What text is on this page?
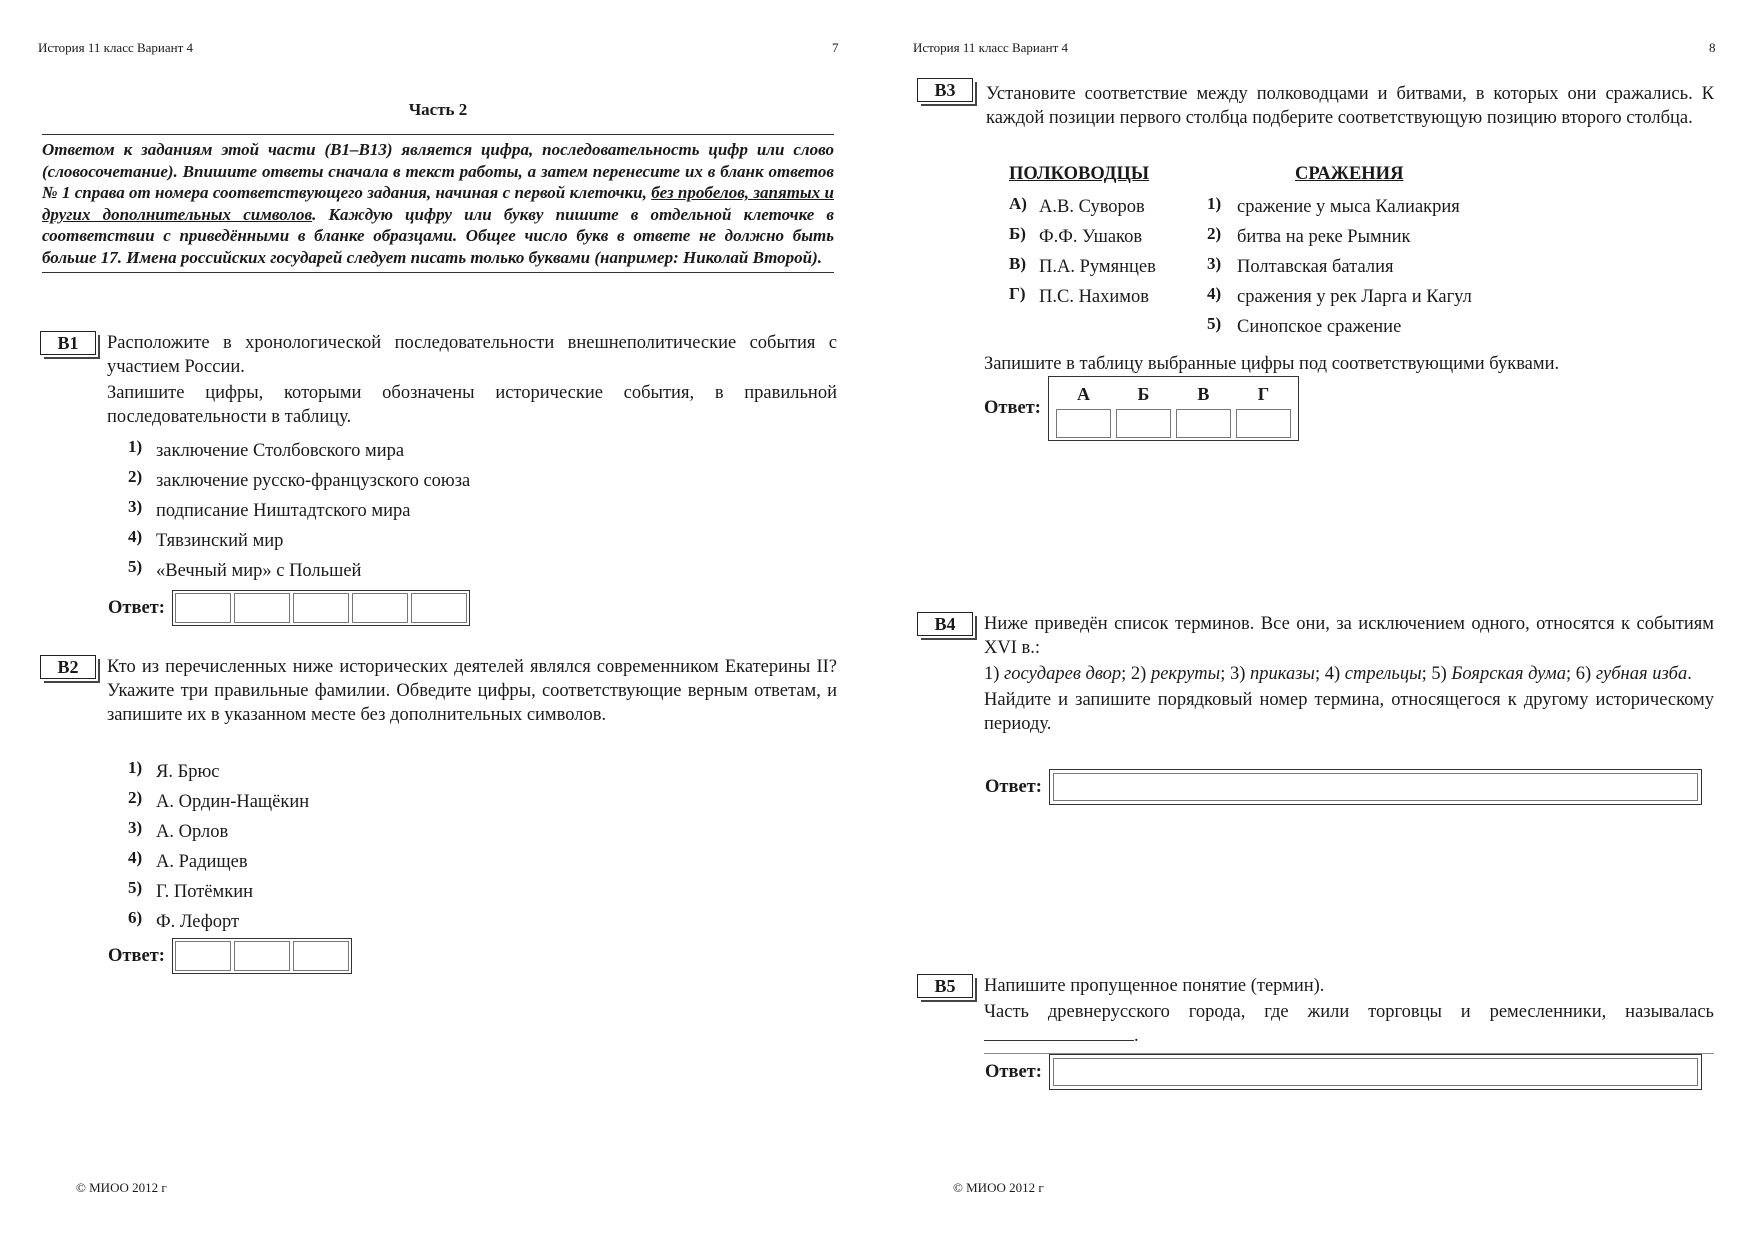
История 11 класс Вариант 4	7
Часть 2
Ответом к заданиям этой части (В1–В13) является цифра, последовательность цифр или слово (словосочетание). Впишите ответы сначала в текст работы, а затем перенесите их в бланк ответов № 1 справа от номера соответствующего задания, начиная с первой клеточки, без пробелов, запятых и других дополнительных символов. Каждую цифру или букву пишите в отдельной клеточке в соответствии с приведёнными в бланке образцами. Общее число букв в ответе не должно быть больше 17. Имена российских государей следует писать только буквами (например: Николай Второй).
В1	Расположите в хронологической последовательности внешнеполитические события с участием России.

Запишите цифры, которыми обозначены исторические события, в правильной последовательности в таблицу.

1) заключение Столбовского мира
2) заключение русско-французского союза
3) подписание Ништадтского мира
4) Тявзинский мир
5) «Вечный мир» с Польшей
Ответ:
В2	Кто из перечисленных ниже исторических деятелей являлся современником Екатерины II? Укажите три правильные фамилии. Обведите цифры, соответствующие верным ответам, и запишите их в указанном месте без дополнительных символов.
1) Я. Брюс
2) А. Ордин-Нащёкин
3) А. Орлов
4) А. Радищев
5) Г. Потёмкин
6) Ф. Лефорт
Ответ:
© МИОО 2012 г
История 11 класс Вариант 4	8
В3	Установите соответствие между полководцами и битвами, в которых они сражались. К каждой позиции первого столбца подберите соответствующую позицию второго столбца.
ПОЛКОВОДЦЫ	СРАЖЕНИЯ
А) А.В. Суворов
Б) Ф.Ф. Ушаков
В) П.А. Румянцев
Г) П.С. Нахимов
1) сражение у мыса Калиакрия
2) битва на реке Рымник
3) Полтавская баталия
4) сражения у рек Ларга и Кагул
5) Синопское сражение
Запишите в таблицу выбранные цифры под соответствующими буквами.
Ответ:
А	Б	В	Г

В4	Ниже приведён список терминов. Все они, за исключением одного, относятся к событиям XVI в.:

1) государев двор; 2) рекруты; 3) приказы; 4) стрельцы; 5) Боярская дума; 6) губная изба.

Найдите и запишите порядковый номер термина, относящегося к другому историческому периоду.

Ответ:
В5	Напишите пропущенное понятие (термин).

Часть древнерусского города, где жили торговцы и ремесленники, называлась .

Ответ:
© МИОО 2012 г
